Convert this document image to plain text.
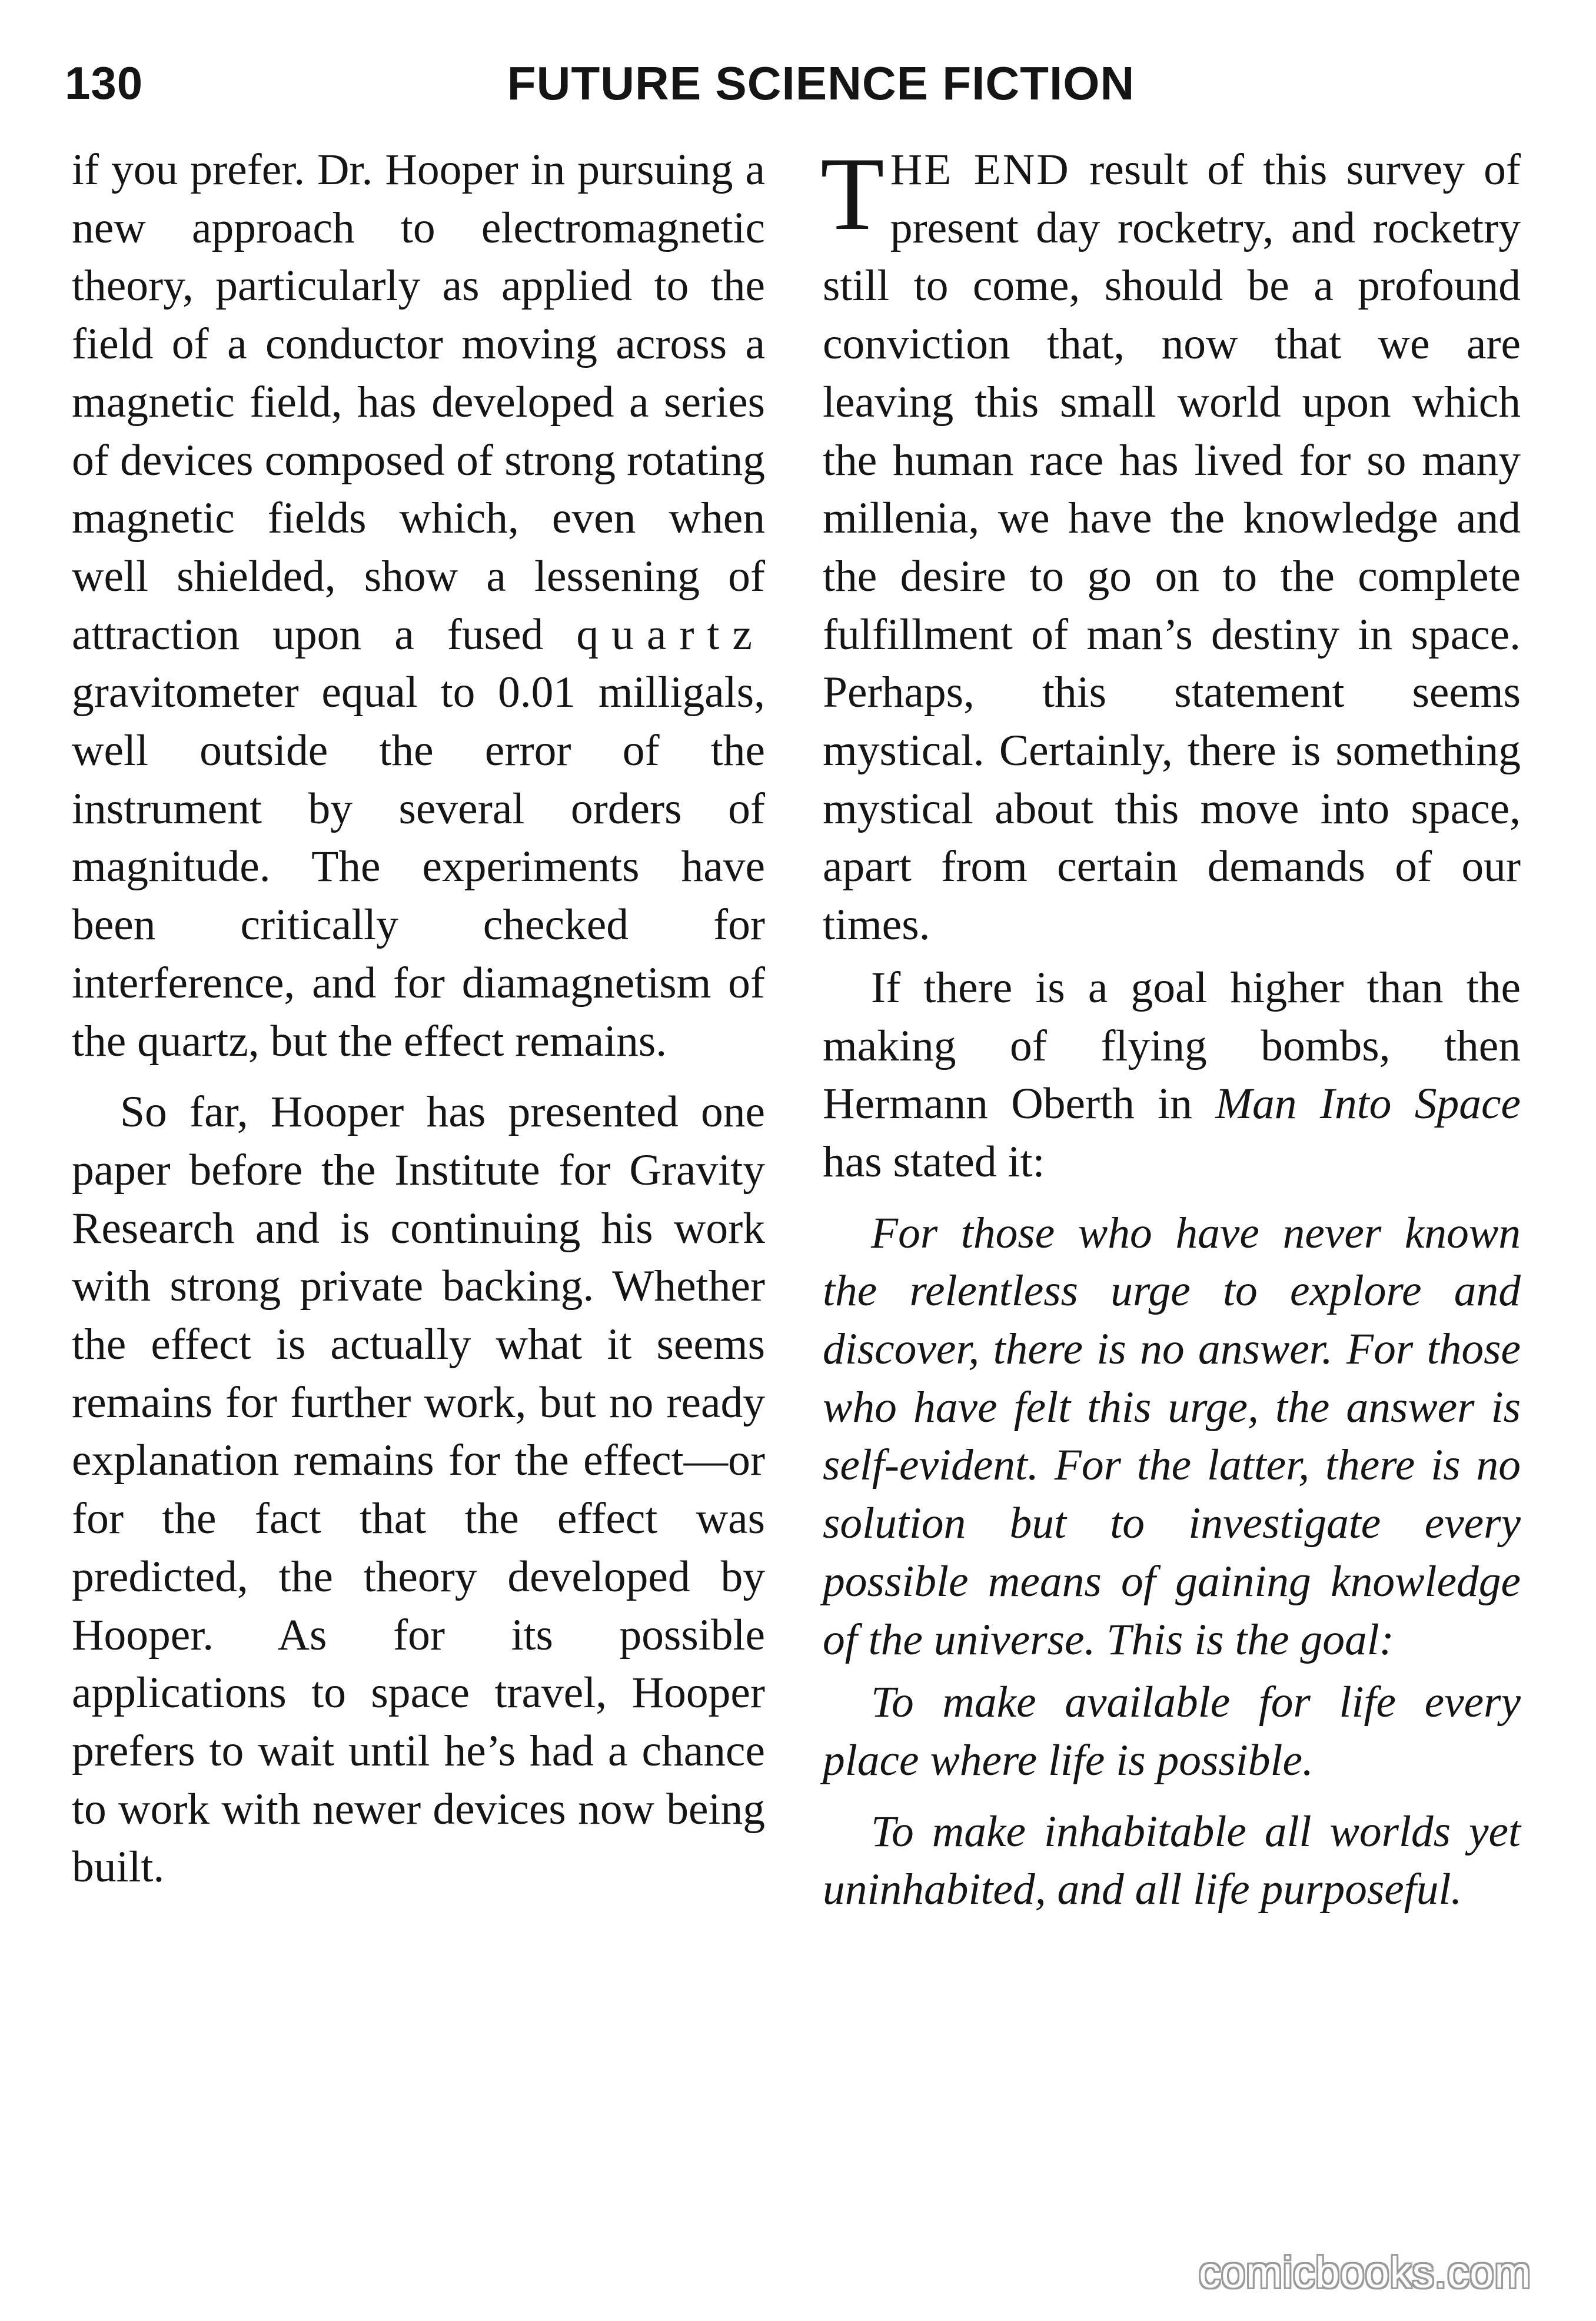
130	FUTURE SCIENCE FICTION

if you prefer. Dr. Hooper in pursuing a new approach to electromagnetic theory, particularly as applied to the field of a conductor moving across a magnetic field, has developed a series of devices composed of strong rotating magnetic fields which, even when well shielded, show a lessening of attraction upon a fused quartz gravitometer equal to 0.01 milligals, well outside the error of the instrument by several orders of magnitude. The experiments have been critically checked for interference, and for diamagnetism of the quartz, but the effect remains.

So far, Hooper has presented one paper before the Institute for Gravity Research and is continuing his work with strong private backing. Whether the effect is actually what it seems remains for further work, but no ready explanation remains for the effect—or for the fact that the effect was predicted, the theory developed by Hooper. As for its possible applications to space travel, Hooper prefers to wait until he’s had a chance to work with newer devices now being built.

THE END result of this survey of present day rocketry, and rocketry still to come, should be a profound conviction that, now that we are leaving this small world upon which the human race has lived for so many millenia, we have the knowledge and the desire to go on to the complete fulfillment of man’s destiny in space. Perhaps, this statement seems mystical. Certainly, there is something mystical about this move into space, apart from certain demands of our times.

If there is a goal higher than the making of flying bombs, then Hermann Oberth in Man Into Space has stated it:

For those who have never known the relentless urge to explore and discover, there is no answer. For those who have felt this urge, the answer is self-evident. For the latter, there is no solution but to investigate every possible means of gaining knowledge of the universe. This is the goal:

To make available for life every place where life is possible.

To make inhabitable all worlds yet uninhabited, and all life purposeful.

comicbooks.com
